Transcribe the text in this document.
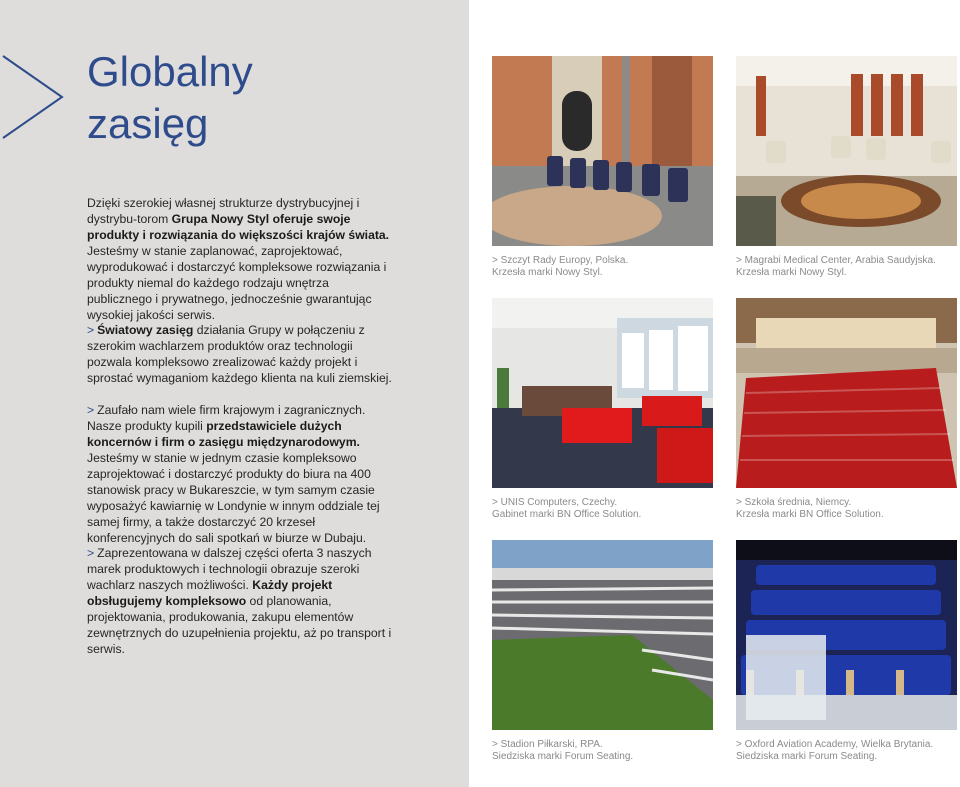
Globalny
zasięg

Dzięki szerokiej własnej strukturze dystrybucyjnej i dystrybu-torom Grupa Nowy Styl oferuje swoje produkty i rozwiązania do większości krajów świata. Jesteśmy w stanie zaplanować, zaprojektować, wyprodukować i dostarczyć kompleksowe rozwiązania i produkty niemal do każdego rodzaju wnętrza publicznego i prywatnego, jednocześnie gwarantując wysokiej jakości serwis.

> Światowy zasięg działania Grupy w połączeniu z szerokim wachlarzem produktów oraz technologii pozwala kompleksowo zrealizować każdy projekt i sprostać wymaganiom każdego klienta na kuli ziemskiej.

> Zaufało nam wiele firm krajowym i zagranicznych. Nasze produkty kupili przedstawiciele dużych koncernów i firm o zasięgu międzynarodowym. Jesteśmy w stanie w jednym czasie kompleksowo zaprojektować i dostarczyć produkty do biura na 400 stanowisk pracy w Bukareszcie, w tym samym czasie wyposażyć kawiarnię w Londynie w innym oddziale tej samej firmy, a także dostarczyć 20 krzeseł konferencyjnych do sali spotkań w biurze w Dubaju.

> Zaprezentowana w dalszej części oferta 3 naszych marek produktowych i technologii obrazuje szeroki wachlarz naszych możliwości. Każdy projekt obsługujemy kompleksowo od planowania, projektowania, produkowania, zakupu elementów zewnętrznych do uzupełnienia projektu, aż po transport i serwis.

> Szczyt Rady Europy, Polska.
Krzesła marki Nowy Styl.
> Magrabi Medical Center, Arabia Saudyjska.
Krzesła marki Nowy Styl.
> UNIS Computers, Czechy.
Gabinet marki BN Office Solution.
> Szkoła średnia, Niemcy.
Krzesła marki BN Office Solution.
> Stadion Piłkarski, RPA.
Siedziska marki Forum Seating.
> Oxford Aviation Academy, Wielka Brytania.
Siedziska marki Forum Seating.
